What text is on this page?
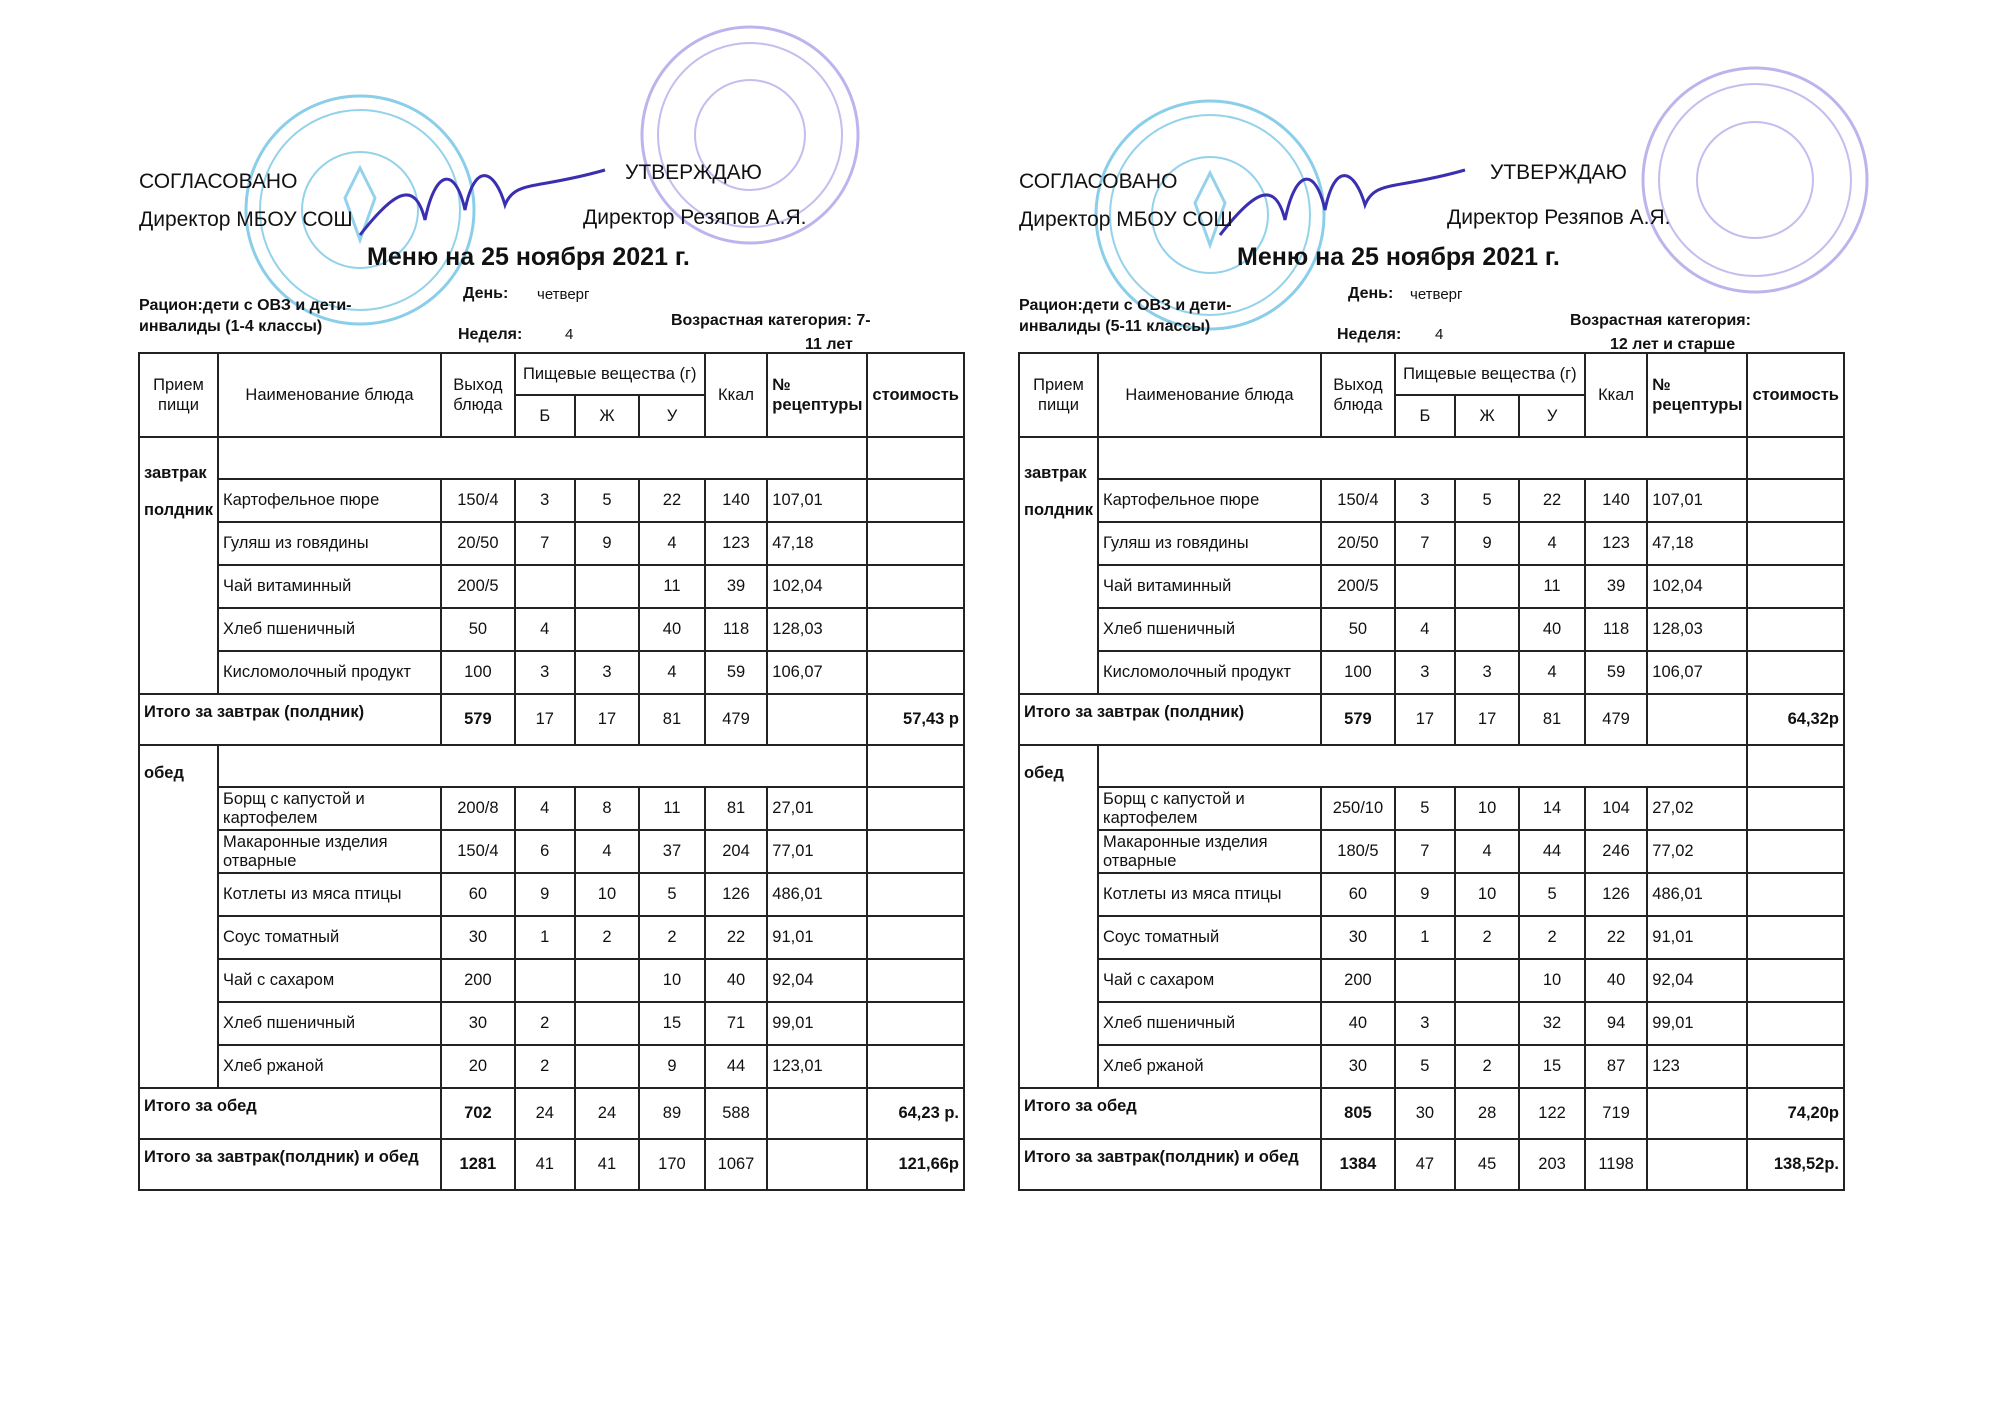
СОГЛАСОВАНО
Директор МБОУ СОШ
УТВЕРЖДАЮ
Директор Резяпов А.Я.
Меню на 25 ноября 2021 г.
Рацион:дети с ОВЗ и дети-инвалиды (1-4 классы)
День: четверг
Неделя:	4
Возрастная категория: 7-
11 лет
Прием пищи	Наименование блюда	Выход блюда	Пищевые вещества (г)			Ккал	№ рецептуры	стоимость
			Б	Ж	У			

завтрак
полдник								

	Картофельное пюре	150/4	3	5	22	140	107,01	
	Гуляш из говядины	20/50	7	9	4	123	47,18	
	Чай витаминный	200/5			11	39	102,04	
	Хлеб пшеничный	50	4		40	118	128,03	
	Кисломолочный продукт	100	3	3	4	59	106,07	
Итого за завтрак (полдник)		579	17	17	81	479		57,43 р

обед								

	Борщ с капустой и картофелем	200/8	4	8	11	81	27,01	
	Макаронные изделия отварные	150/4	6	4	37	204	77,01	
	Котлеты из мяса птицы	60	9	10	5	126	486,01	
	Соус томатный	30	1	2	2	22	91,01	
	Чай с сахаром	200			10	40	92,04	
	Хлеб пшеничный	30	2		15	71	99,01	
	Хлеб ржаной	20	2		9	44	123,01	
Итого за обед		702	24	24	89	588		64,23 р.
Итого за завтрак(полдник) и обед		1281	41	41	170	1067		121,66р
СОГЛАСОВАНО
Директор МБОУ СОШ
УТВЕРЖДАЮ
Директор Резяпов А.Я.
Меню на 25 ноября 2021 г.
Рацион:дети с ОВЗ и дети-инвалиды (5-11 классы)
День: четверг
Неделя: 4
Возрастная категория:
12 лет и старше
Прием пищи	Наименование блюда	Выход блюда	Пищевые вещества (г)			Ккал	№ рецептуры	стоимость
			Б	Ж	У			

завтрак
полдник								

	Картофельное пюре	150/4	3	5	22	140	107,01	
	Гуляш из говядины	20/50	7	9	4	123	47,18	
	Чай витаминный	200/5			11	39	102,04	
	Хлеб пшеничный	50	4		40	118	128,03	
	Кисломолочный продукт	100	3	3	4	59	106,07	
Итого за завтрак (полдник)		579	17	17	81	479		64,32р

обед								

	Борщ с капустой и картофелем	250/10	5	10	14	104	27,02	
	Макаронные изделия отварные	180/5	7	4	44	246	77,02	
	Котлеты из мяса птицы	60	9	10	5	126	486,01	
	Соус томатный	30	1	2	2	22	91,01	
	Чай с сахаром	200			10	40	92,04	
	Хлеб пшеничный	40	3		32	94	99,01	
	Хлеб ржаной	30	5	2	15	87	123	
Итого за обед		805	30	28	122	719		74,20р
Итого за завтрак(полдник) и обед		1384	47	45	203	1198		138,52р.
